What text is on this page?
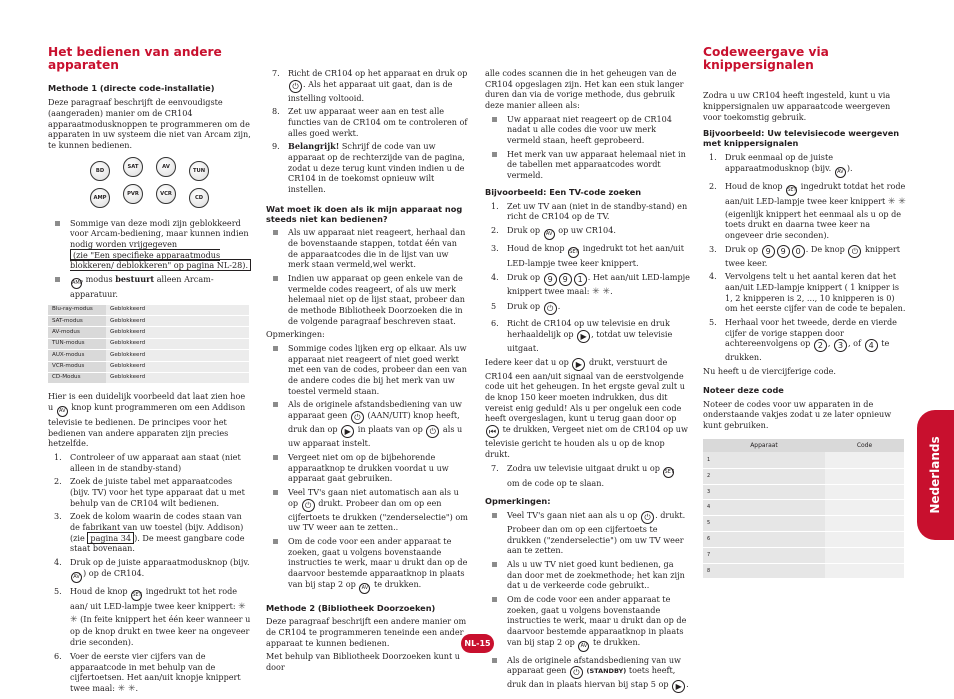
Het bedienen van andere apparaten
Methode 1 (directe code-installatie)

Deze paragraaf beschrijft de eenvoudigste (aangeraden) manier om de CR104 apparaatmodusknoppen te programmeren om de apparaten in uw systeem die niet van Arcam zijn, te kunnen bedienen.

BD
SAT	AV
TUN
AMP
PVR	VCR
CD
Sommige van deze modi zijn geblokkeerd voor Arcam-bediening, maar kunnen indien nodig worden vrijgegeven
(zie "Een specifieke apparaatmodus blokkeren/ deblokkeren" op pagina NL-28).
AMP modus bestuurt alleen Arcam-apparatuur.
Blu-ray-modus	Geblokkeerd
SAT-modus	Geblokkeerd
AV-modus	Geblokkeerd
TUN-modus	Geblokkeerd
AUX-modus	Geblokkeerd
VCR-modus	Geblokkeerd
CD-Modus	Geblokkeerd

Hier is een duidelijk voorbeeld dat laat zien hoe u AV knop kunt programmeren om een Addison televisie te bedienen. De principes voor het bedienen van andere apparaten zijn precies hetzelfde.

1. Controleer of uw apparaat aan staat (niet alleen in de standby-stand)
2. Zoek de juiste tabel met apparaatcodes (bijv. TV) voor het type apparaat dat u met behulp van de CR104 wilt bedienen.
3. Zoek de kolom waarin de codes staan van de fabrikant van uw toestel (bijv. Addison) (zie pagina 34 ). De meest gangbare code staat bovenaan.
4. Druk op de juiste apparaatmodusknop (bijv. AV ) op de CR104.
5. Houd de knop SET ingedrukt tot het rode aan/ uit LED-lampje twee keer knippert: ✳ ✳ (In feite knippert het één keer wanneer u op de knop drukt en twee keer na ongeveer drie seconden).
6. Voer de eerste vier cijfers van de apparaatcode in met behulp van de cijfertoetsen. Het aan/uit knopje knippert twee maal: ✳ ✳.
7. Richt de CR104 op het apparaat en druk op ⏻ . Als het apparaat uit gaat, dan is de instelling voltooid.
8. Zet uw apparaat weer aan en test alle functies van de CR104 om te controleren of alles goed werkt.
9. Belangrijk! Schrijf de code van uw apparaat op de rechterzijde van de pagina, zodat u deze terug kunt vinden indien u de CR104 in de toekomst opnieuw wilt instellen.
Wat moet ik doen als ik mijn apparaat nog steeds niet kan bedienen?
Als uw apparaat niet reageert, herhaal dan de bovenstaande stappen, totdat één van de apparaatcodes die in de lijst van uw merk staan vermeld,wel werkt.
Indien uw apparaat op geen enkele van de vermelde codes reageert, of als uw merk helemaal niet op de lijst staat, probeer dan de methode Bibliotheek Doorzoeken die in de volgende paragraaf beschreven staat.

Opmerkingen:

Sommige codes lijken erg op elkaar. Als uw apparaat niet reageert of niet goed werkt met een van de codes, probeer dan een van de andere codes die bij het merk van uw toestel vermeld staan.
Als de originele afstandsbediening van uw apparaat geen ⏻ (AAN/UIT) knop heeft, druk dan op ▶ in plaats van op ⏻ als u uw apparaat instelt.
Vergeet niet om op de bijbehorende apparaatknop te drukken voordat u uw apparaat gaat gebruiken.
Veel TV's gaan niet automatisch aan als u op ⏻ drukt. Probeer dan om op een cijfertoets te drukken ("zenderselectie") om uw TV weer aan te zetten..
Om de code voor een ander apparaat te zoeken, gaat u volgens bovenstaande instructies te werk, maar u drukt dan op de daarvoor bestemde apparaatknop in plaats van bij stap 2 op AV te drukken.
Methode 2 (Bibliotheek Doorzoeken)

Deze paragraaf beschrijft een andere manier om de CR104 te programmeren teneinde een ander apparaat te kunnen bedienen.

Met behulp van Bibliotheek Doorzoeken kunt u door

alle codes scannen die in het geheugen van de CR104 opgeslagen zijn. Het kan een stuk langer duren dan via de vorige methode, dus gebruik deze manier alleen als:

Uw apparaat niet reageert op de CR104 nadat u alle codes die voor uw merk vermeld staan, heeft geprobeerd.
Het merk van uw apparaat helemaal niet in de tabellen met apparaatcodes wordt vermeld.
Bijvoorbeeld: Een TV-code zoeken
1. Zet uw TV aan (niet in de standby-stand) en richt de CR104 op de TV.
2. Druk op AV op uw CR104.
3. Houd de knop SET ingedrukt tot het aan/uit LED-lampje twee keer knippert.
4. Druk op 9 9 1 . Het aan/uit LED-lampje knippert twee maal: ✳ ✳.
5 Druk op ⏻ .
6. Richt de CR104 op uw televisie en druk herhaaldelijk op ▶ , totdat uw televisie uitgaat.

Iedere keer dat u op ▶ drukt, verstuurt de CR104 een aan/uit signaal van de eerstvolgende code uit het geheugen. In het ergste geval zult u de knop 150 keer moeten indrukken, dus dit vereist enig geduld! Als u per ongeluk een code heeft overgeslagen, kunt u terug gaan door op ⏮ te drukken, Vergeet niet om de CR104 op uw televisie gericht te houden als u op de knop drukt.

7. Zodra uw televisie uitgaat drukt u op SET om de code op te slaan.
Opmerkingen:
Veel TV's gaan niet aan als u op ⏻ . drukt. Probeer dan om op een cijfertoets te drukken ("zenderselectie") om uw TV weer aan te zetten.
Als u uw TV niet goed kunt bedienen, ga dan door met de zoekmethode; het kan zijn dat u de verkeerde code gebruikt..
Om de code voor een ander apparaat te zoeken, gaat u volgens bovenstaande instructies te werk, maar u drukt dan op de daarvoor bestemde apparaatknop in plaats van bij stap 2 op AV te drukken.
Als de originele afstandsbediening van uw apparaat geen ⏻ (STANDBY) toets heeft, druk dan in plaats hiervan bij stap 5 op ▶ .
Codeweergave via knippersignalen

Zodra u uw CR104 heeft ingesteld, kunt u via knippersignalen uw apparaatcode weergeven voor toekomstig gebruik.

Bijvoorbeeld: Uw televisiecode weergeven met knippersignalen
1. Druk eenmaal op de juiste apparaatmodusknop (bijv. AV ).
2. Houd de knop SET ingedrukt totdat het rode aan/uit LED-lampje twee keer knippert ✳ ✳ (eigenlijk knippert het eenmaal als u op de toets drukt en daarna twee keer na ongeveer drie seconden).
3. Druk op 9 9 0 . De knop ⏻ knippert twee keer.
4. Vervolgens telt u het aantal keren dat het aan/uit LED-lampje knippert ( 1 knipper is 1, 2 knipperen is 2, ..., 10 knipperen is 0) om het eerste cijfer van de code te bepalen.
5. Herhaal voor het tweede, derde en vierde cijfer de vorige stappen door achtereenvolgens op 2 , 3 , of 4 te drukken.

Nu heeft u de viercijferige code.

Noteer deze code

Noteer de codes voor uw apparaten in de onderstaande vakjes zodat u ze later opnieuw kunt gebruiken.

Apparaat	Code
1	
2	
3	
4	
5	
6	
7	
8	
Nederlands
NL-15
